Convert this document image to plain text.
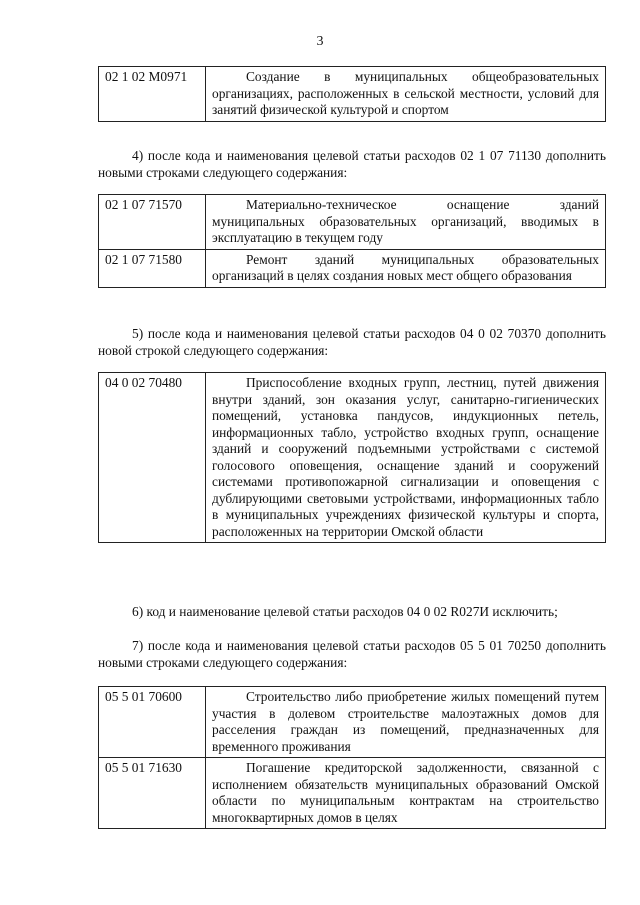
3
02 1 02 M0971	Создание в муниципальных общеобразовательных организациях, расположенных в сельской местности, условий для занятий физической культурой и спортом
4) после кода и наименования целевой статьи расходов 02 1 07 71130 дополнить новыми строками следующего содержания:
02 1 07 71570	Материально-техническое оснащение зданий муниципальных образовательных организаций, вводимых в эксплуатацию в текущем году
02 1 07 71580	Ремонт зданий муниципальных образовательных организаций в целях создания новых мест общего образования
5) после кода и наименования целевой статьи расходов 04 0 02 70370 дополнить новой строкой следующего содержания:
04 0 02 70480	Приспособление входных групп, лестниц, путей движения внутри зданий, зон оказания услуг, санитарно-гигиенических помещений, установка пандусов, индукционных петель, информационных табло, устройство входных групп, оснащение зданий и сооружений подъемными устройствами с системой голосового оповещения, оснащение зданий и сооружений системами противопожарной сигнализации и оповещения с дублирующими световыми устройствами, информационных табло в муниципальных учреждениях физической культуры и спорта, расположенных на территории Омской области
6) код и наименование целевой статьи расходов 04 0 02 R027И исключить;
7) после кода и наименования целевой статьи расходов 05 5 01 70250 дополнить новыми строками следующего содержания:
05 5 01 70600	Строительство либо приобретение жилых помещений путем участия в долевом строительстве малоэтажных домов для расселения граждан из помещений, предназначенных для временного проживания
05 5 01 71630	Погашение кредиторской задолженности, связанной с исполнением обязательств муниципальных образований Омской области по муниципальным контрактам на строительство многоквартирных домов в целях
